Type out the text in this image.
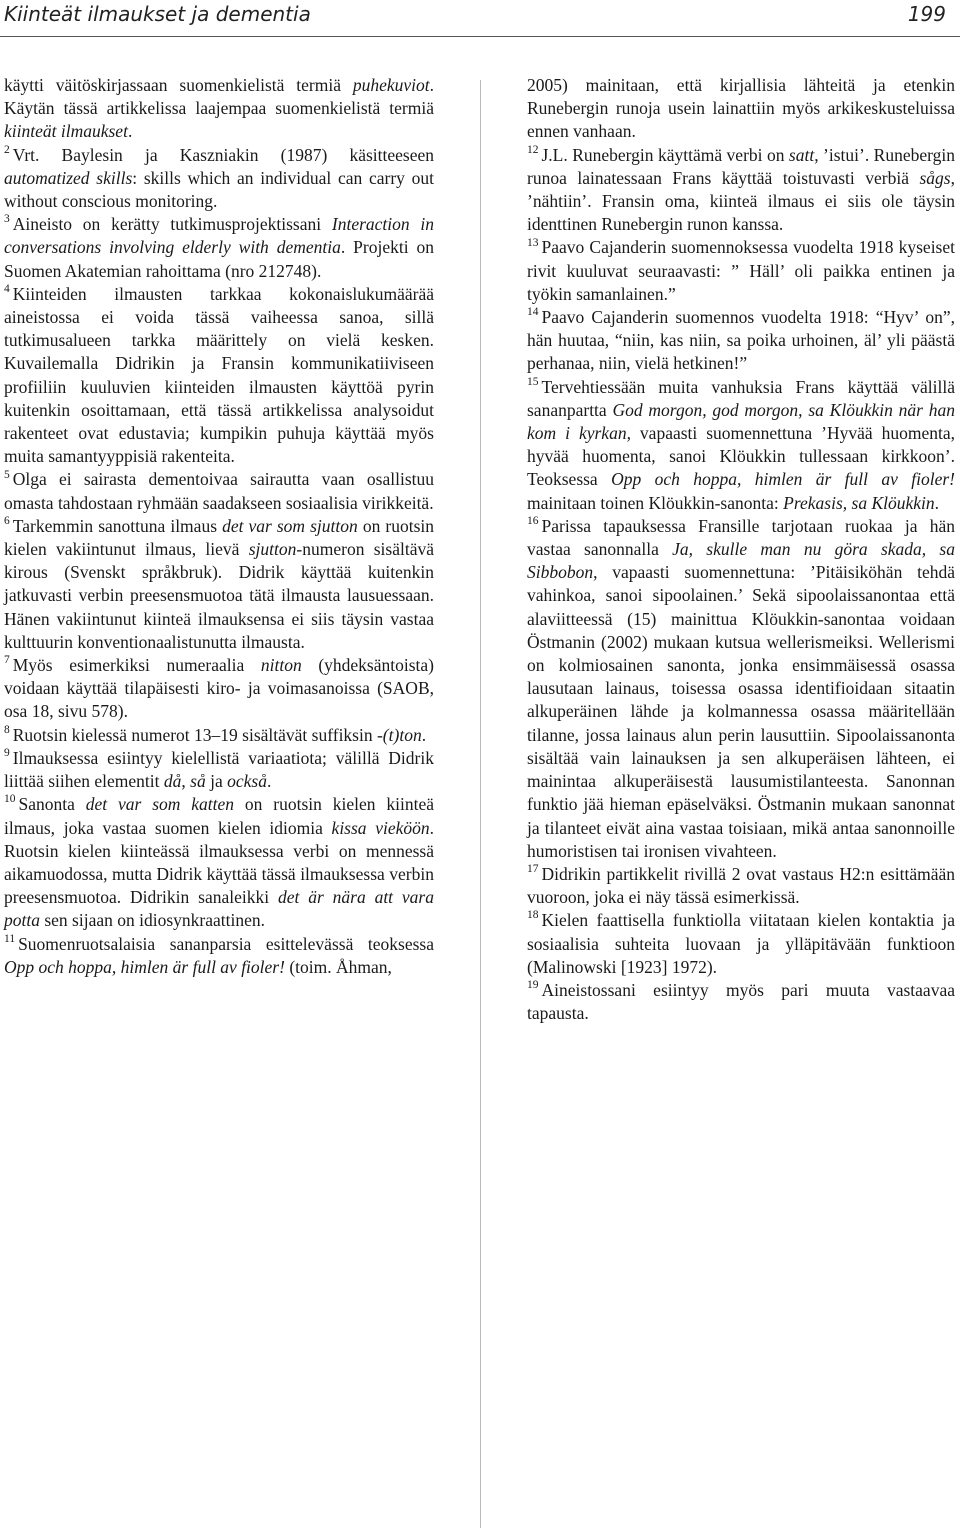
Kiinteät ilmaukset ja dementia	199

käytti väitöskirjassaan suomenkielistä termiä puhekuviot. Käytän tässä artikkelissa laajempaa suomenkielistä termiä kiinteät ilmaukset.

$^2$ Vrt. Baylesin ja Kaszniakin (1987) käsitteeseen automatized skills: skills which an individual can carry out without conscious monitoring.

$^3$ Aineisto on kerätty tutkimusprojektissani Interaction in conversations involving elderly with dementia. Projekti on Suomen Akatemian rahoittama (nro 212748).

$^4$ Kiinteiden ilmausten tarkkaa kokonaislukumäärää aineistossa ei voida tässä vaiheessa sanoa, sillä tutkimusalueen tarkka määrittely on vielä kesken. Kuvailemalla Didrikin ja Fransin kommunikatiiviseen profiiliin kuuluvien kiinteiden ilmausten käyttöä pyrin kuitenkin osoittamaan, että tässä artikkelissa analysoidut rakenteet ovat edustavia; kumpikin puhuja käyttää myös muita samantyyppisiä rakenteita.

$^5$ Olga ei sairasta dementoivaa sairautta vaan osallistuu omasta tahdostaan ryhmään saadakseen sosiaalisia virikkeitä.

$^6$ Tarkemmin sanottuna ilmaus det var som sjutton on ruotsin kielen vakiintunut ilmaus, lievä sjutton-numeron sisältävä kirous (Svenskt språkbruk). Didrik käyttää kuitenkin jatkuvasti verbin preesensmuotoa tätä ilmausta lausuessaan. Hänen vakiintunut kiinteä ilmauksensa ei siis täysin vastaa kulttuurin konventionaalistunutta ilmausta.

$^7$ Myös esimerkiksi numeraalia nitton (yhdeksäntoista) voidaan käyttää tilapäisesti kiro- ja voimasanoissa (SAOB, osa 18, sivu 578).

$^8$ Ruotsin kielessä numerot 13–19 sisältävät suffiksin -(t)ton.

$^9$ Ilmauksessa esiintyy kielellistä variaatiota; välillä Didrik liittää siihen elementit då, så ja också.

$^{10}$ Sanonta det var som katten on ruotsin kielen kiinteä ilmaus, joka vastaa suomen kielen idiomia kissa vieköön. Ruotsin kielen kiinteässä ilmauksessa verbi on mennessä aikamuodossa, mutta Didrik käyttää tässä ilmauksessa verbin preesensmuotoa. Didrikin sanaleikki det är nära att vara potta sen sijaan on idiosynkraattinen.

$^{11}$ Suomenruotsalaisia sananparsia esittelevässä teoksessa Opp och hoppa, himlen är full av fioler! (toim. Åhman,

2005) mainitaan, että kirjallisia lähteitä ja etenkin Runebergin runoja usein lainattiin myös arkikeskusteluissa ennen vanhaan.

$^{12}$ J.L. Runebergin käyttämä verbi on satt, ’istui’. Runebergin runoa lainatessaan Frans käyttää toistuvasti verbiä sågs, ’nähtiin’. Fransin oma, kiinteä ilmaus ei siis ole täysin identtinen Runebergin runon kanssa.

$^{13}$ Paavo Cajanderin suomennoksessa vuodelta 1918 kyseiset rivit kuuluvat seuraavasti: ” Häll’ oli paikka entinen ja työkin samanlainen.”

$^{14}$ Paavo Cajanderin suomennos vuodelta 1918: “Hyv’ on”, hän huutaa, “niin, kas niin, sa poika urhoinen, äl’ yli päästä perhanaa, niin, vielä hetkinen!”

$^{15}$ Tervehtiessään muita vanhuksia Frans käyttää välillä sananpartta God morgon, god morgon, sa Klöukkin när han kom i kyrkan, vapaasti suomennettuna ’Hyvää huomenta, hyvää huomenta, sanoi Klöukkin tullessaan kirkkoon’. Teoksessa Opp och hoppa, himlen är full av fioler! mainitaan toinen Klöukkin-sanonta: Prekasis, sa Klöukkin.

$^{16}$ Parissa tapauksessa Fransille tarjotaan ruokaa ja hän vastaa sanonnalla Ja, skulle man nu göra skada, sa Sibbobon, vapaasti suomennettuna: ’Pitäisiköhän tehdä vahinkoa, sanoi sipoolainen.’ Sekä sipoolaissanontaa että alaviitteessä (15) mainittua Klöukkin-sanontaa voidaan Östmanin (2002) mukaan kutsua wellerismeiksi. Wellerismi on kolmiosainen sanonta, jonka ensimmäisessä osassa lausutaan lainaus, toisessa osassa identifioidaan sitaatin alkuperäinen lähde ja kolmannessa osassa määritellään tilanne, jossa lainaus alun perin lausuttiin. Sipoolaissanonta sisältää vain lainauksen ja sen alkuperäisen lähteen, ei mainintaa alkuperäisestä lausumistilanteesta. Sanonnan funktio jää hieman epäselväksi. Östmanin mukaan sanonnat ja tilanteet eivät aina vastaa toisiaan, mikä antaa sanonnoille humoristisen tai ironisen vivahteen.

$^{17}$ Didrikin partikkelit rivillä 2 ovat vastaus H2:n esittämään vuoroon, joka ei näy tässä esimerkissä.

$^{18}$ Kielen faattisella funktiolla viitataan kielen kontaktia ja sosiaalisia suhteita luovaan ja ylläpitävään funktioon (Malinowski [1923] 1972).

$^{19}$ Aineistossani esiintyy myös pari muuta vastaavaa tapausta.
